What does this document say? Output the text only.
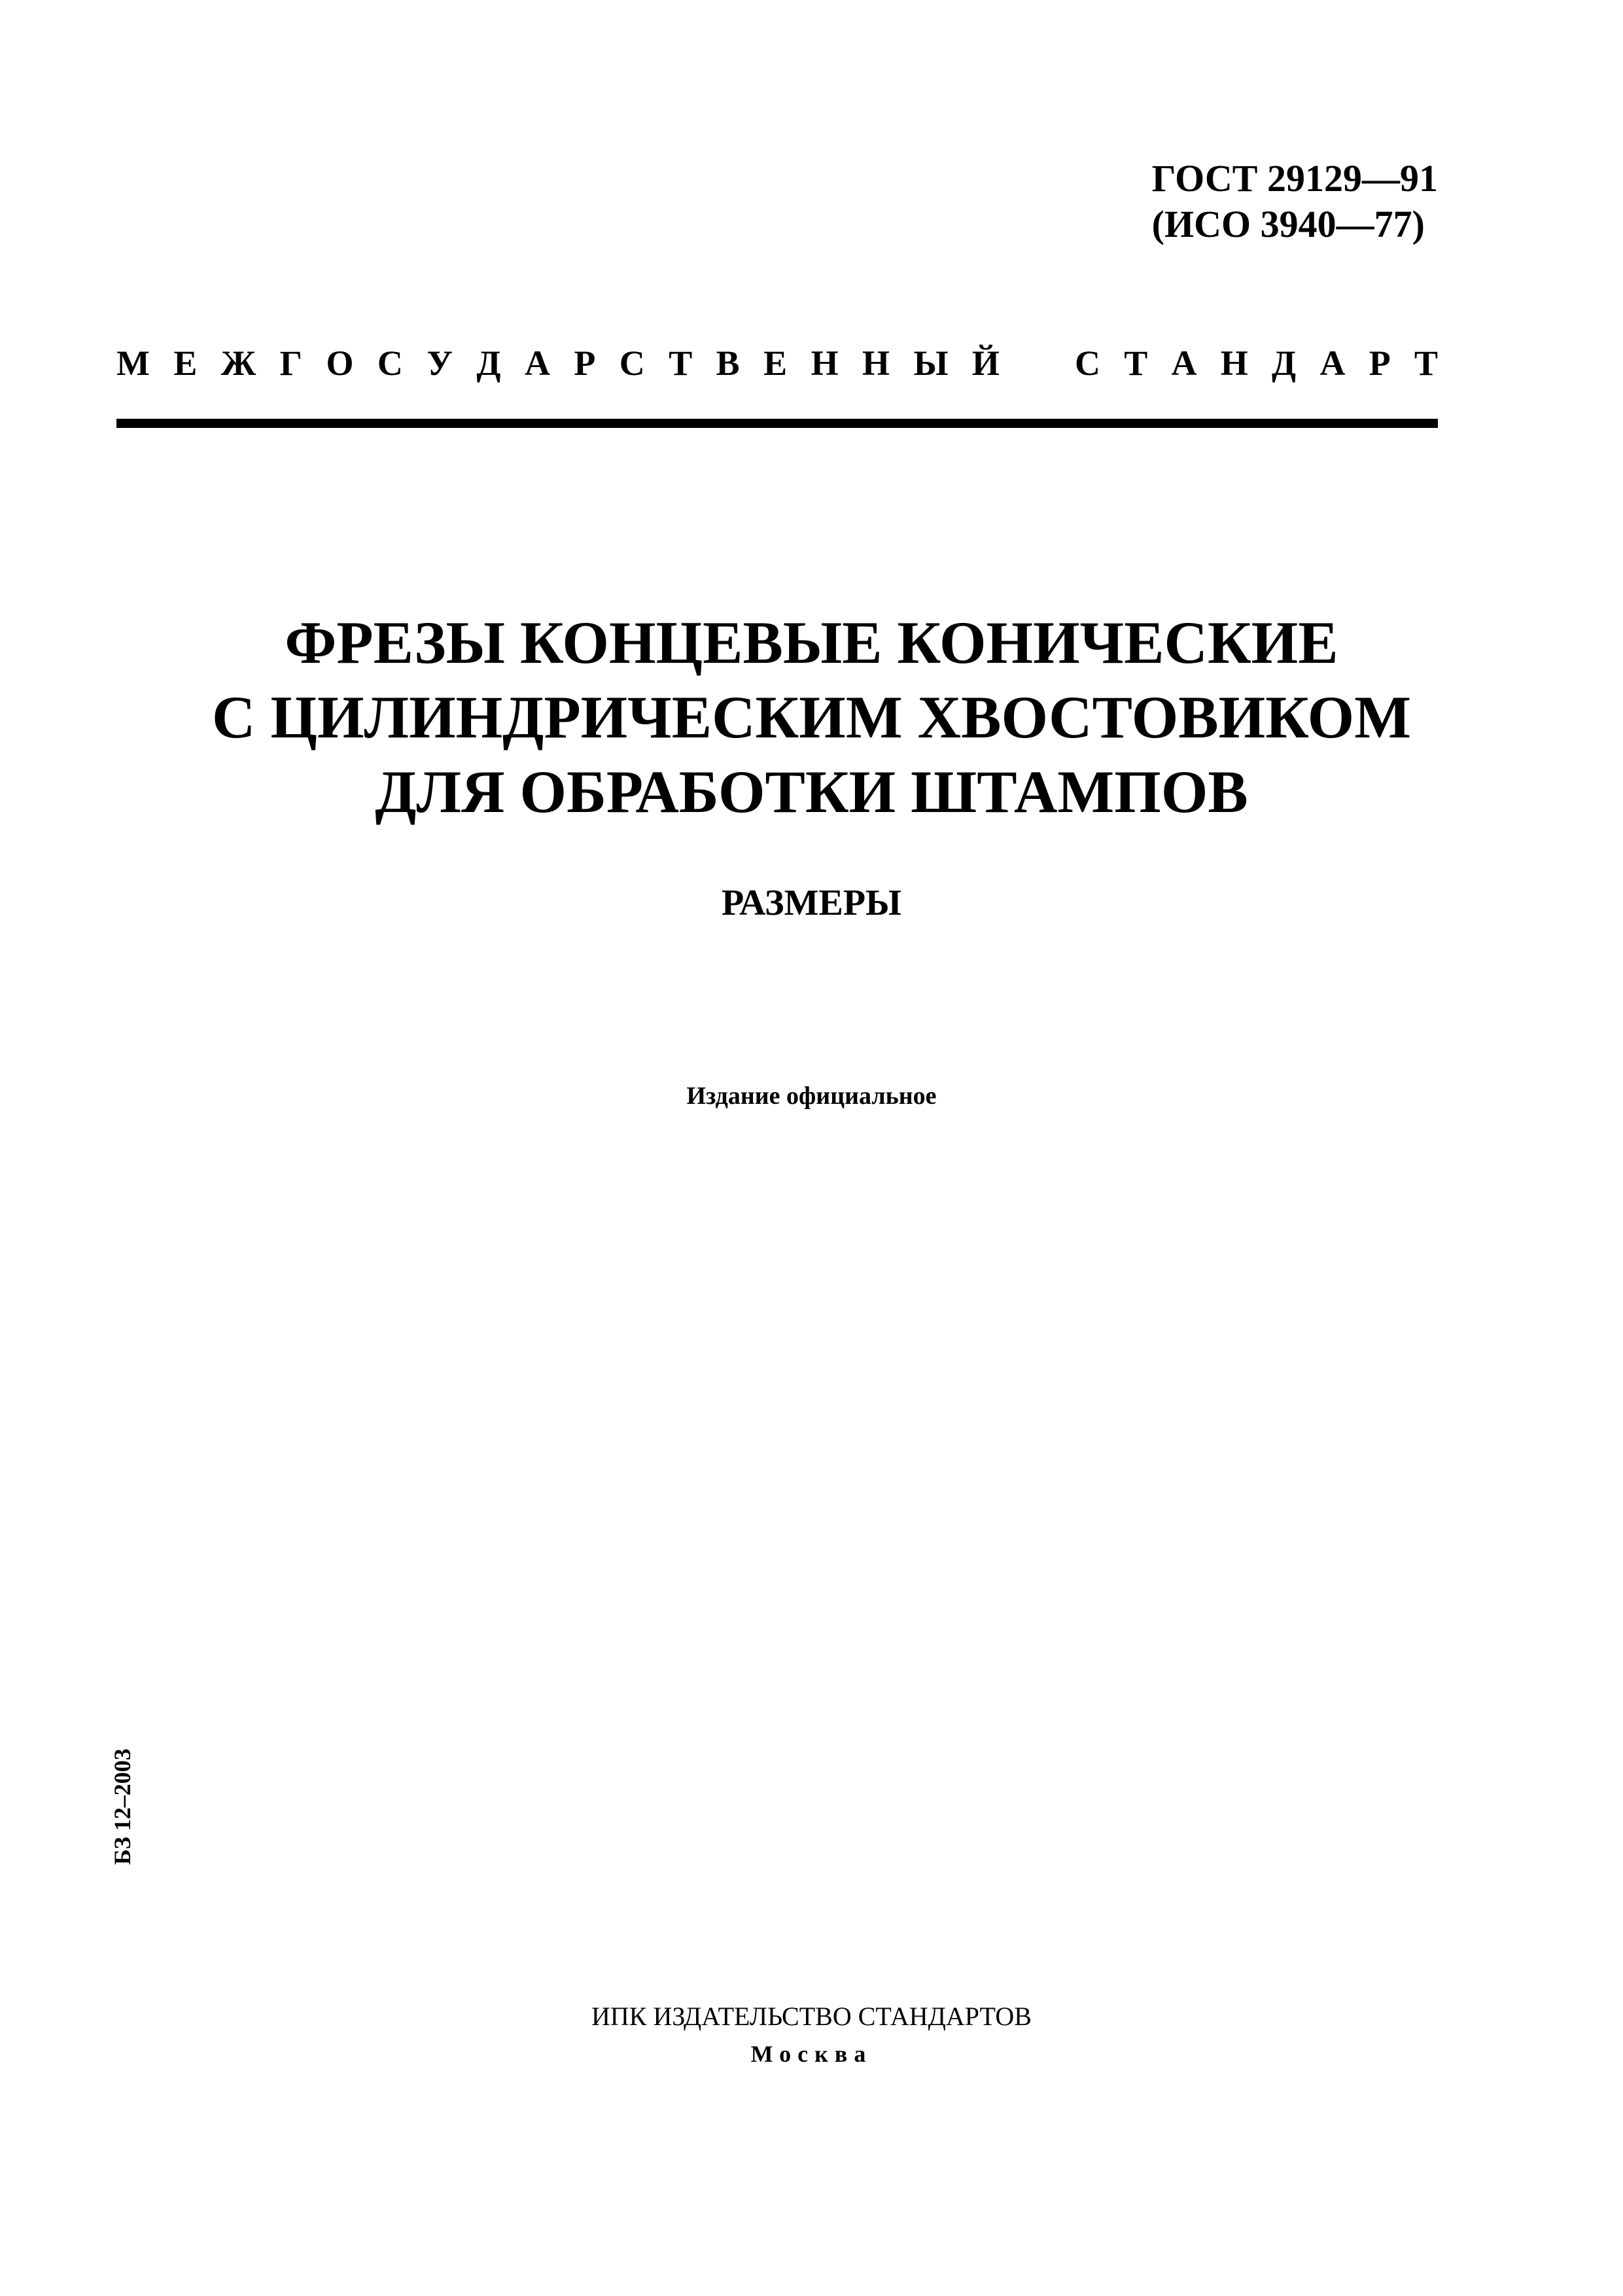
ГОСТ 29129—91
(ИСО 3940—77)
М Е Ж Г О С У Д А Р С Т В Е Н Н Ы Й С Т А Н Д А Р Т
ФРЕЗЫ КОНЦЕВЫЕ КОНИЧЕСКИЕ
С ЦИЛИНДРИЧЕСКИМ ХВОСТОВИКОМ
ДЛЯ ОБРАБОТКИ ШТАМПОВ
РАЗМЕРЫ
Издание официальное
БЗ 12–2003
ИПК ИЗДАТЕЛЬСТВО СТАНДАРТОВ
Москва
